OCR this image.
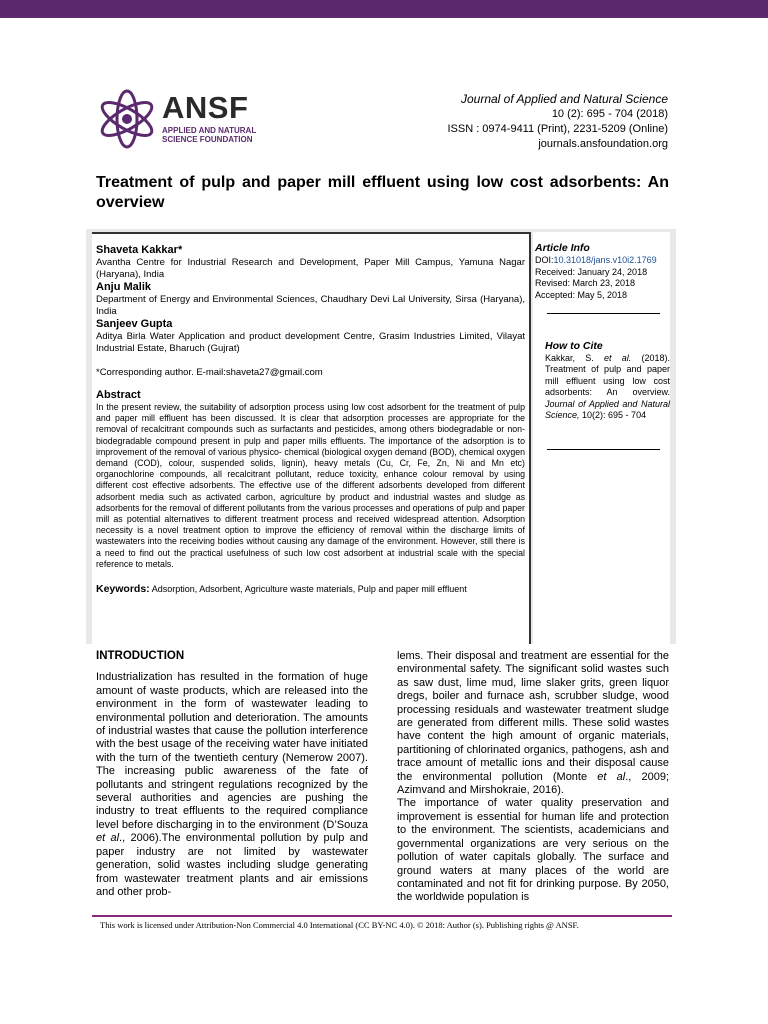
ANSF
APPLIED AND NATURAL SCIENCE FOUNDATION
Journal of Applied and Natural Science
10 (2): 695 - 704 (2018)
ISSN : 0974-9411 (Print), 2231-5209 (Online)
journals.ansfoundation.org
Treatment of pulp and paper mill effluent using low cost adsorbents: An overview
Shaveta Kakkar*
Avantha Centre for Industrial Research and Development, Paper Mill Campus, Yamuna Nagar (Haryana), India
Anju Malik
Department of Energy and Environmental Sciences, Chaudhary Devi Lal University, Sirsa (Haryana), India
Sanjeev Gupta
Aditya Birla Water Application and product development Centre, Grasim Industries Limited, Vilayat Industrial Estate, Bharuch (Gujrat)
*Corresponding author. E-mail:shaveta27@gmail.com
Abstract
In the present review, the suitability of adsorption process using low cost adsorbent for the treatment of pulp and paper mill effluent has been discussed. It is clear that adsorption processes are appropriate for the removal of recalcitrant compounds such as surfactants and pesticides, among others biodegradable or non-biodegradable compound present in pulp and paper mills effluents. The importance of the adsorption is to improvement of the removal of various physico- chemical (biological oxygen demand (BOD), chemical oxygen demand (COD), colour, suspended solids, lignin), heavy metals (Cu, Cr, Fe, Zn, Ni and Mn etc) organochlorine compounds, all recalcitrant pollutant, reduce toxicity, enhance colour removal by using different cost effective adsorbents. The effective use of the different adsorbents developed from different adsorbent media such as activated carbon, agriculture by product and industrial wastes and sludge as adsorbents for the removal of different pollutants from the various processes and operations of pulp and paper mill as potential alternatives to different treatment process and received widespread attention. Adsorption necessity is a novel treatment option to improve the efficiency of removal within the discharge limits of wastewaters into the receiving bodies without causing any damage of the environment. However, still there is a need to find out the practical usefulness of such low cost adsorbent at industrial scale with the special reference to metals.
Keywords: Adsorption, Adsorbent, Agriculture waste materials, Pulp and paper mill effluent
Article Info
DOI:10.31018/jans.v10i2.1769
Received: January 24, 2018
Revised: March 23, 2018
Accepted: May 5, 2018
How to Cite
Kakkar, S. et al. (2018). Treatment of pulp and paper mill effluent using low cost adsorbents: An overview. Journal of Applied and Natural Science, 10(2): 695 - 704
INTRODUCTION

Industrialization has resulted in the formation of huge amount of waste products, which are released into the environment in the form of wastewater leading to environmental pollution and deterioration. The amounts of industrial wastes that cause the pollution interference with the best usage of the receiving water have initiated with the turn of the twentieth century (Nemerow 2007). The increasing public awareness of the fate of pollutants and stringent regulations recognized by the several authorities and agencies are pushing the industry to treat effluents to the required compliance level before discharging in to the environment (D’Souza et al., 2006).The environmental pollution by pulp and paper industry are not limited by wastewater generation, solid wastes including sludge generating from wastewater treatment plants and air emissions and other prob-

lems. Their disposal and treatment are essential for the environmental safety. The significant solid wastes such as saw dust, lime mud, lime slaker grits, green liquor dregs, boiler and furnace ash, scrubber sludge, wood processing residuals and wastewater treatment sludge are generated from different mills. These solid wastes have content the high amount of organic materials, partitioning of chlorinated organics, pathogens, ash and trace amount of metallic ions and their disposal cause the environmental pollution (Monte et al., 2009; Azimvand and Mirshokraie, 2016).

The importance of water quality preservation and improvement is essential for human life and protection to the environment. The scientists, academicians and governmental organizations are very serious on the pollution of water capitals globally. The surface and ground waters at many places of the world are contaminated and not fit for drinking purpose. By 2050, the worldwide population is

This work is licensed under Attribution-Non Commercial 4.0 International (CC BY-NC 4.0). © 2018: Author (s). Publishing rights @ ANSF.
